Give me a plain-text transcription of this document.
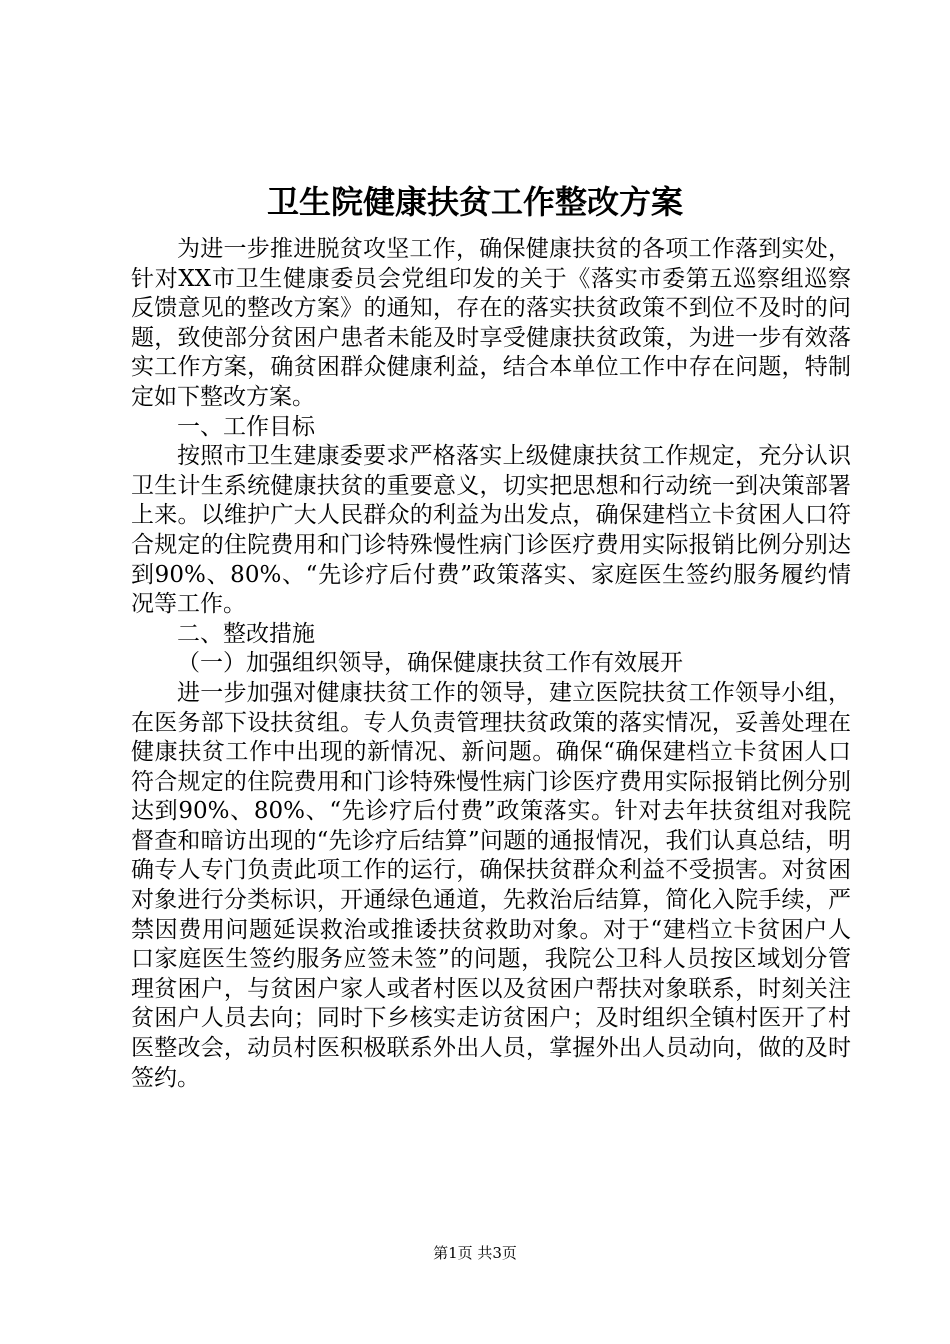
卫生院健康扶贫工作整改方案

为进一步推进脱贫攻坚工作，确保健康扶贫的各项工作落到实处，针对XX市卫生健康委员会党组印发的关于《落实市委第五巡察组巡察反馈意见的整改方案》的通知，存在的落实扶贫政策不到位不及时的问题，致使部分贫困户患者未能及时享受健康扶贫政策，为进一步有效落实工作方案，确贫困群众健康利益，结合本单位工作中存在问题，特制定如下整改方案。

一、工作目标

按照市卫生建康委要求严格落实上级健康扶贫工作规定，充分认识卫生计生系统健康扶贫的重要意义，切实把思想和行动统一到决策部署上来。以维护广大人民群众的利益为出发点，确保建档立卡贫困人口符合规定的住院费用和门诊特殊慢性病门诊医疗费用实际报销比例分别达到90%、80%、“先诊疗后付费”政策落实、家庭医生签约服务履约情况等工作。

二、整改措施

（一）加强组织领导，确保健康扶贫工作有效展开

进一步加强对健康扶贫工作的领导，建立医院扶贫工作领导小组，在医务部下设扶贫组。专人负责管理扶贫政策的落实情况，妥善处理在健康扶贫工作中出现的新情况、新问题。确保“确保建档立卡贫困人口符合规定的住院费用和门诊特殊慢性病门诊医疗费用实际报销比例分别达到90%、80%、“先诊疗后付费”政策落实。针对去年扶贫组对我院督查和暗访出现的“先诊疗后结算”问题的通报情况，我们认真总结，明确专人专门负责此项工作的运行，确保扶贫群众利益不受损害。对贫困对象进行分类标识，开通绿色通道，先救治后结算，简化入院手续，严禁因费用问题延误救治或推诿扶贫救助对象。对于“建档立卡贫困户人口家庭医生签约服务应签未签”的问题，我院公卫科人员按区域划分管理贫困户，与贫困户家人或者村医以及贫困户帮扶对象联系，时刻关注贫困户人员去向；同时下乡核实走访贫困户；及时组织全镇村医开了村医整改会，动员村医积极联系外出人员，掌握外出人员动向，做的及时签约。

第1页 共3页
